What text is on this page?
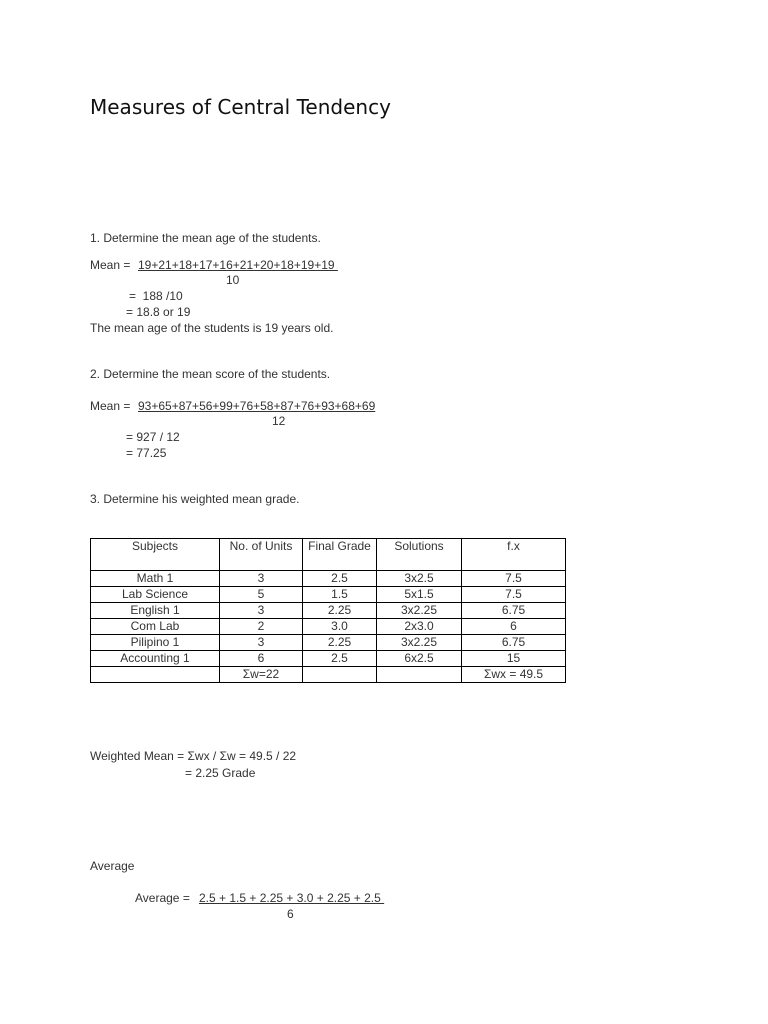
Measures of Central Tendency
1. Determine the mean age of the students.
Mean = 19+21+18+17+16+21+20+18+19+19
10
=  188 /10
= 18.8 or 19
The mean age of the students is 19 years old.
2. Determine the mean score of the students.
Mean = 93+65+87+56+99+76+58+87+76+93+68+69
12
= 927 / 12
= 77.25
3. Determine his weighted mean grade.
Subjects	No. of Units	Final Grade	Solutions	f.x
Math 1	3	2.5	3x2.5	7.5
Lab Science	5	1.5	5x1.5	7.5
English 1	3	2.25	3x2.25	6.75
Com Lab	2	3.0	2x3.0	6
Pilipino 1	3	2.25	3x2.25	6.75
Accounting 1	6	2.5	6x2.5	15
	Σw=22			Σwx = 49.5
Weighted Mean = Σwx / Σw = 49.5 / 22
= 2.25 Grade
Average
Average = 2.5 + 1.5 + 2.25 + 3.0 + 2.25 + 2.5
6
